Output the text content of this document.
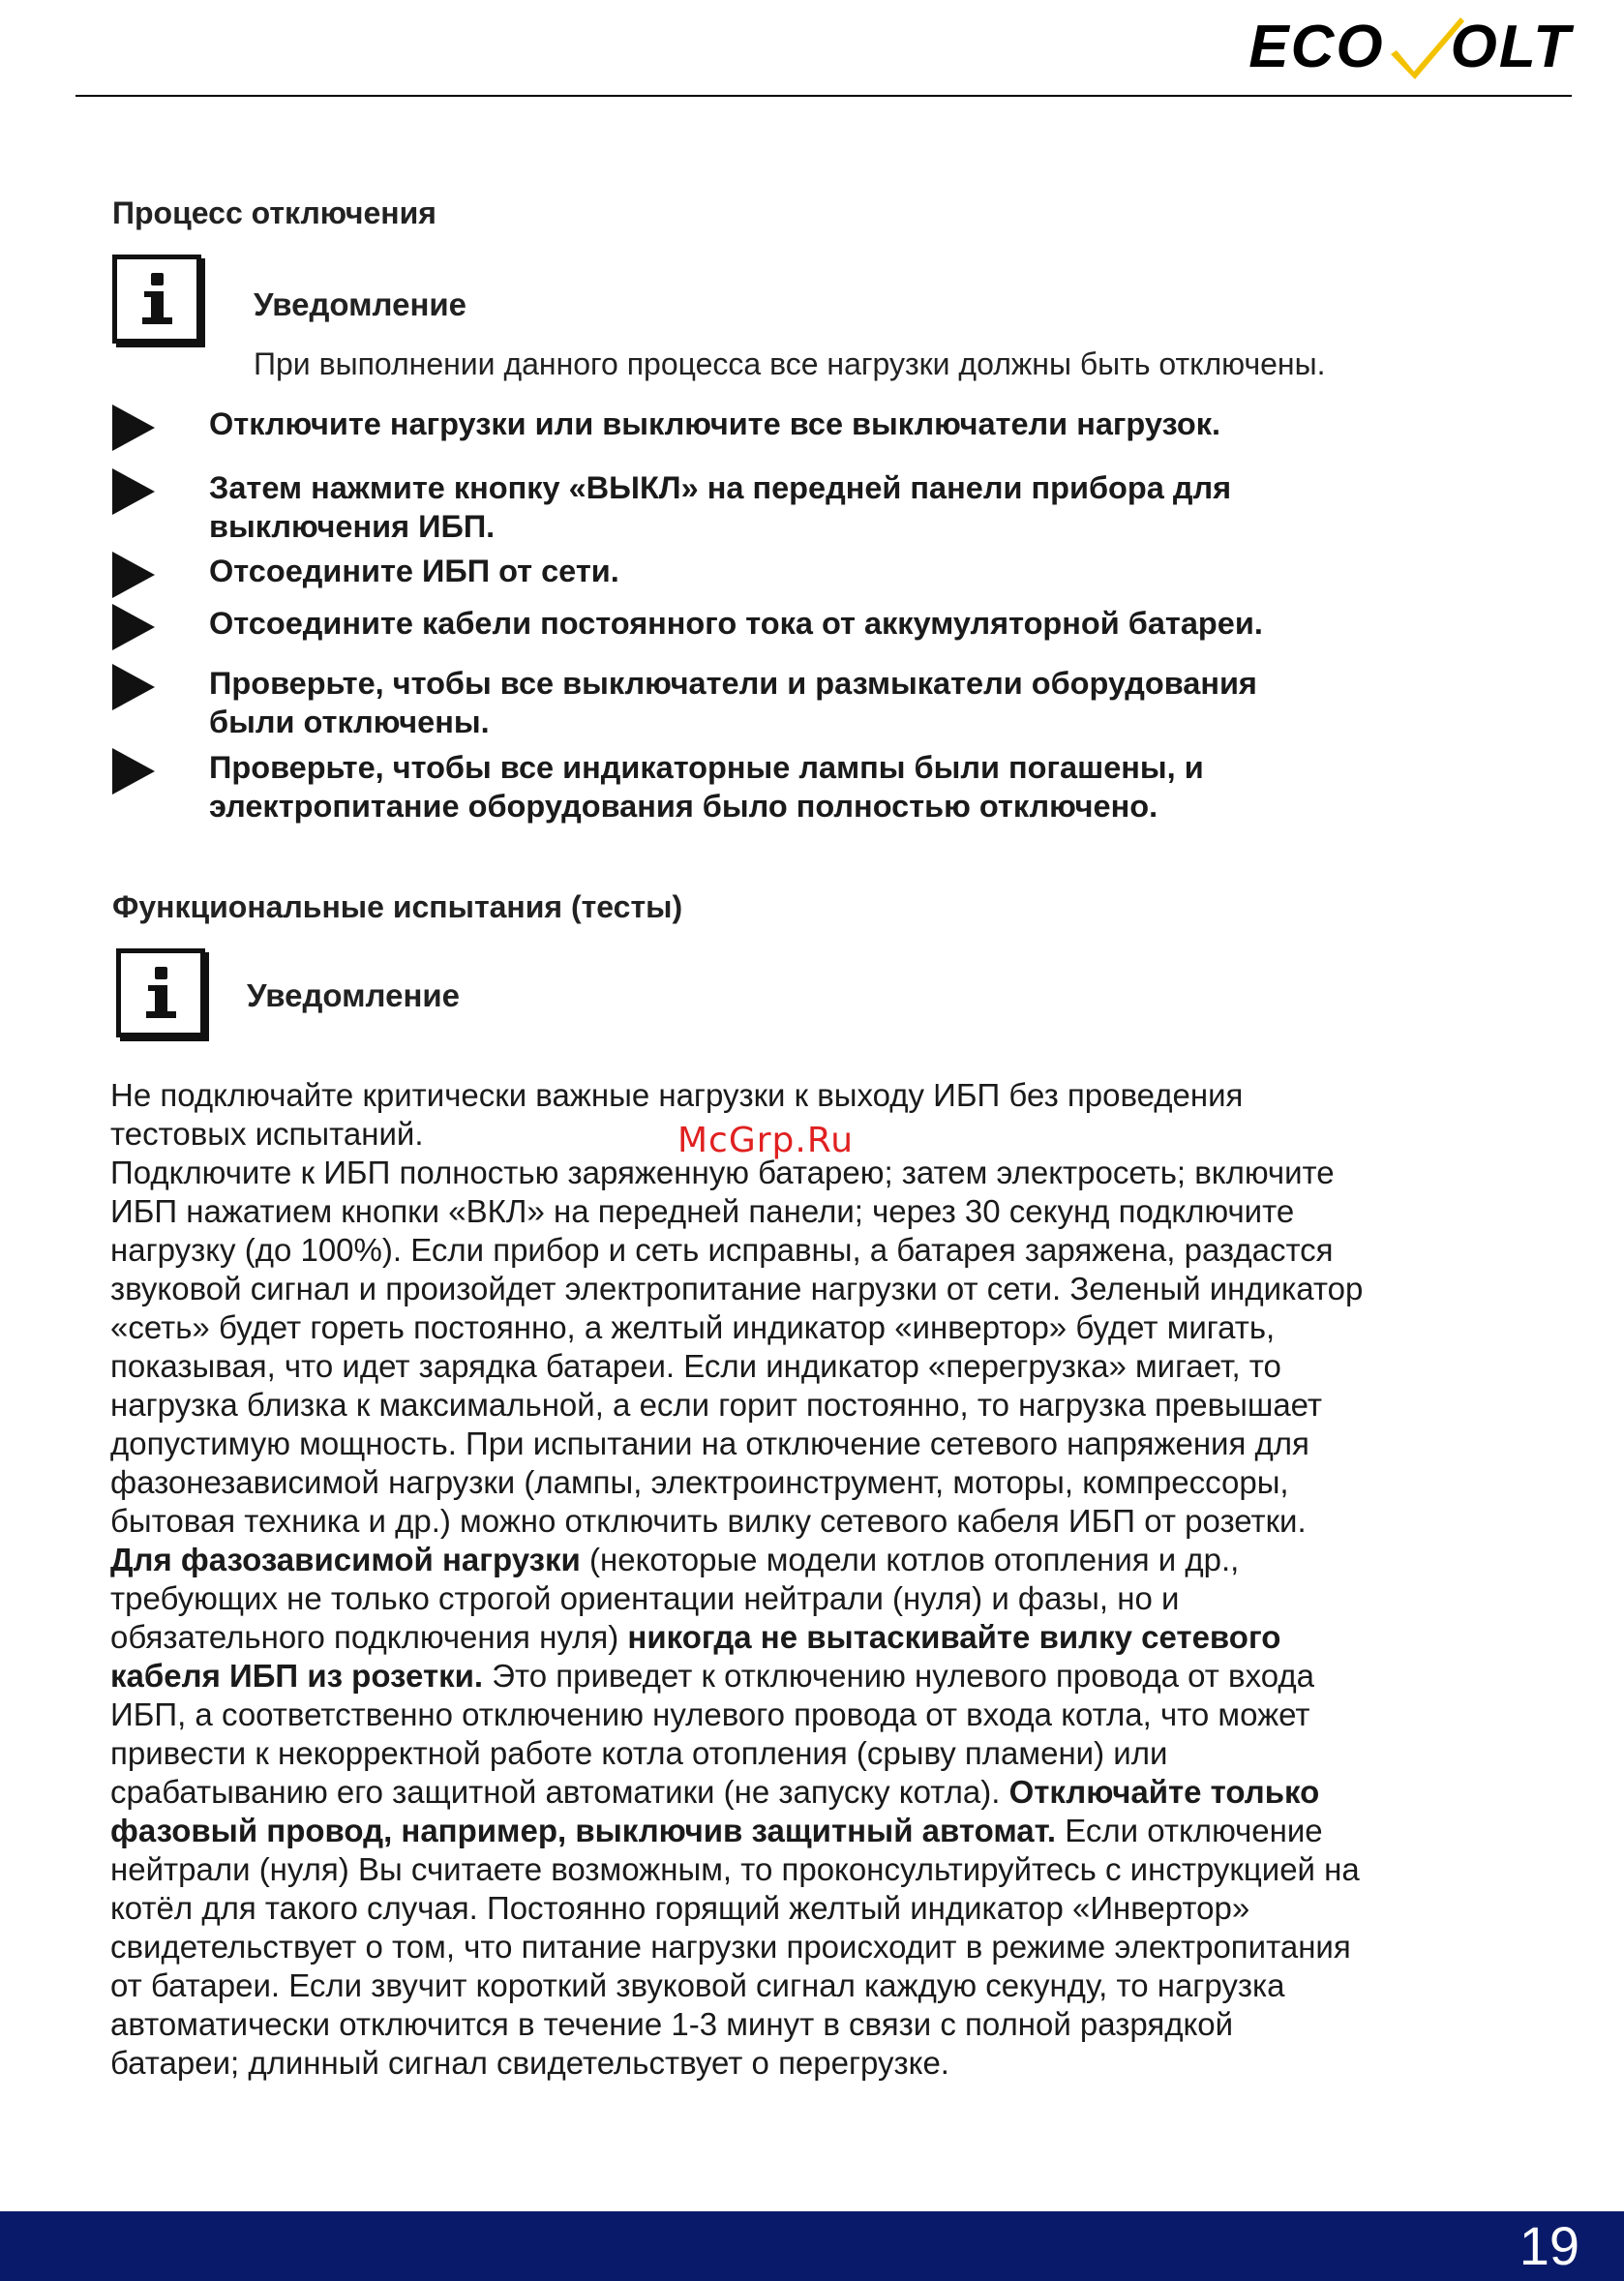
ECO OLT
Процесс отключения
Уведомление
При выполнении данного процесса все нагрузки должны быть отключены.
Отключите нагрузки или выключите все выключатели нагрузок.
Затем нажмите кнопку «ВЫКЛ» на передней панели прибора для
выключения ИБП.
Отсоедините ИБП от сети.
Отсоедините кабели постоянного тока от аккумуляторной батареи.
Проверьте, чтобы все выключатели и размыкатели оборудования
были отключены.
Проверьте, чтобы все индикаторные лампы были погашены, и
электропитание оборудования было полностью отключено.
Функциональные испытания (тесты)
Уведомление
Не подключайте критически важные нагрузки к выходу ИБП без проведения
тестовых испытаний.
Подключите к ИБП полностью заряженную батарею; затем электросеть; включите
ИБП нажатием кнопки «ВКЛ» на передней панели; через 30 секунд подключите
нагрузку (до 100%). Если прибор и сеть исправны, а батарея заряжена, раздастся
звуковой сигнал и произойдет электропитание нагрузки от сети. Зеленый индикатор
«сеть» будет гореть постоянно, а желтый индикатор «инвертор» будет мигать,
показывая, что идет зарядка батареи. Если индикатор «перегрузка» мигает, то
нагрузка близка к максимальной, а если горит постоянно, то нагрузка превышает
допустимую мощность. При испытании на отключение сетевого напряжения для
фазонезависимой нагрузки (лампы, электроинструмент, моторы, компрессоры,
бытовая техника и др.) можно отключить вилку сетевого кабеля ИБП от розетки.
Для фазозависимой нагрузки (некоторые модели котлов отопления и др.,
требующих не только строгой ориентации нейтрали (нуля) и фазы, но и
обязательного подключения нуля) никогда не вытаскивайте вилку сетевого
кабеля ИБП из розетки. Это приведет к отключению нулевого провода от входа
ИБП, а соответственно отключению нулевого провода от входа котла, что может
привести к некорректной работе котла отопления (срыву пламени) или
срабатыванию его защитной автоматики (не запуску котла). Отключайте только
фазовый провод, например, выключив защитный автомат. Если отключение
нейтрали (нуля) Вы считаете возможным, то проконсультируйтесь с инструкцией на
котёл для такого случая. Постоянно горящий желтый индикатор «Инвертор»
свидетельствует о том, что питание нагрузки происходит в режиме электропитания
от батареи. Если звучит короткий звуковой сигнал каждую секунду, то нагрузка
автоматически отключится в течение 1-3 минут в связи с полной разрядкой
батареи; длинный сигнал свидетельствует о перегрузке.
McGrp.Ru
19
